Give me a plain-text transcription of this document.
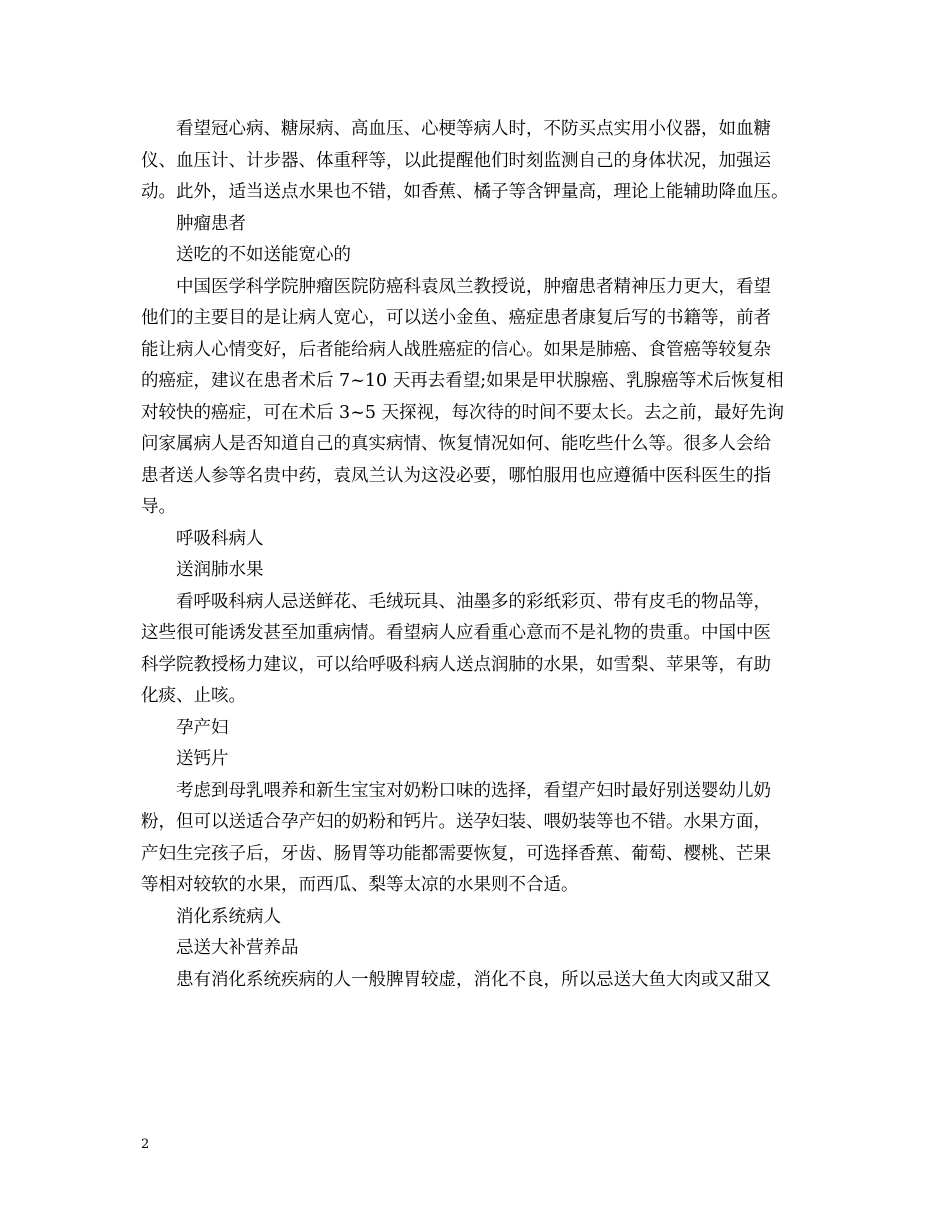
看望冠心病、糖尿病、高血压、心梗等病人时，不防买点实用小仪器，如血糖
仪、血压计、计步器、体重秤等，以此提醒他们时刻监测自己的身体状况，加强运
动。此外，适当送点水果也不错，如香蕉、橘子等含钾量高，理论上能辅助降血压。
肿瘤患者
送吃的不如送能宽心的
中国医学科学院肿瘤医院防癌科袁凤兰教授说，肿瘤患者精神压力更大，看望
他们的主要目的是让病人宽心，可以送小金鱼、癌症患者康复后写的书籍等，前者
能让病人心情变好，后者能给病人战胜癌症的信心。如果是肺癌、食管癌等较复杂
的癌症，建议在患者术后 7~10 天再去看望;如果是甲状腺癌、乳腺癌等术后恢复相
对较快的癌症，可在术后 3~5 天探视，每次待的时间不要太长。去之前，最好先询
问家属病人是否知道自己的真实病情、恢复情况如何、能吃些什么等。很多人会给
患者送人参等名贵中药，袁凤兰认为这没必要，哪怕服用也应遵循中医科医生的指
导。
呼吸科病人
送润肺水果
看呼吸科病人忌送鲜花、毛绒玩具、油墨多的彩纸彩页、带有皮毛的物品等，
这些很可能诱发甚至加重病情。看望病人应看重心意而不是礼物的贵重。中国中医
科学院教授杨力建议，可以给呼吸科病人送点润肺的水果，如雪梨、苹果等，有助
化痰、止咳。
孕产妇
送钙片
考虑到母乳喂养和新生宝宝对奶粉口味的选择，看望产妇时最好别送婴幼儿奶
粉，但可以送适合孕产妇的奶粉和钙片。送孕妇装、喂奶装等也不错。水果方面，
产妇生完孩子后，牙齿、肠胃等功能都需要恢复，可选择香蕉、葡萄、樱桃、芒果
等相对较软的水果，而西瓜、梨等太凉的水果则不合适。
消化系统病人
忌送大补营养品
患有消化系统疾病的人一般脾胃较虚，消化不良，所以忌送大鱼大肉或又甜又
2
